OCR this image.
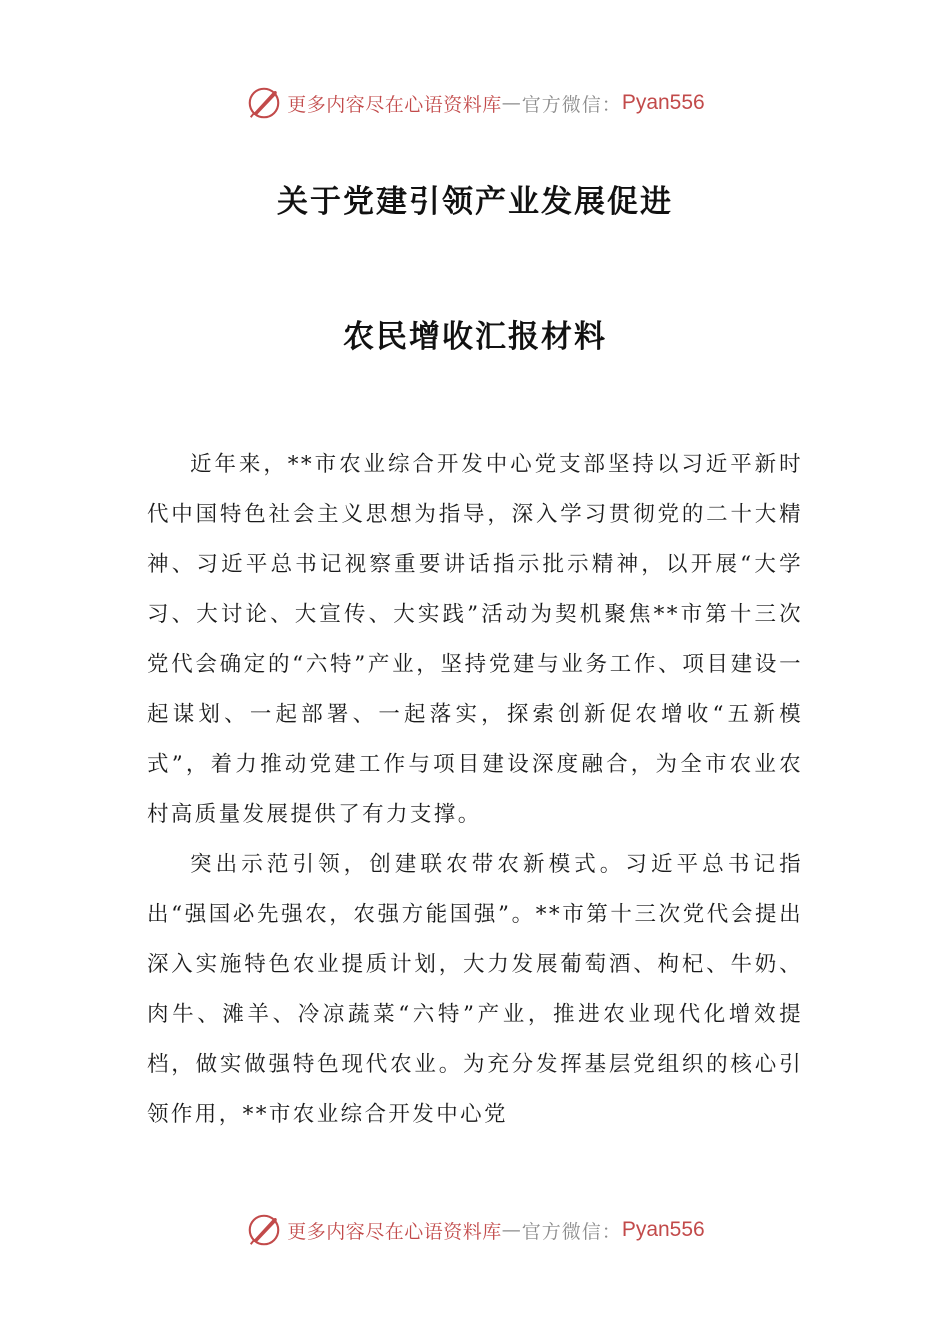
更多内容尽在心语资料库 — 官方微信： Pyan556
关于党建引领产业发展促进
农民增收汇报材料

近年来，**市农业综合开发中心党支部坚持以习近平新时代中国特色社会主义思想为指导，深入学习贯彻党的二十大精神、习近平总书记视察重要讲话指示批示精神，以开展“大学习、大讨论、大宣传、大实践”活动为契机聚焦**市第十三次党代会确定的“六特”产业，坚持党建与业务工作、项目建设一起谋划、一起部署、一起落实，探索创新促农增收“五新模式”，着力推动党建工作与项目建设深度融合，为全市农业农村高质量发展提供了有力支撑。

突出示范引领，创建联农带农新模式。习近平总书记指出“强国必先强农，农强方能国强”。**市第十三次党代会提出深入实施特色农业提质计划，大力发展葡萄酒、枸杞、牛奶、肉牛、滩羊、冷凉蔬菜“六特”产业，推进农业现代化增效提档，做实做强特色现代农业。为充分发挥基层党组织的核心引领作用，**市农业综合开发中心党

更多内容尽在心语资料库 — 官方微信： Pyan556
